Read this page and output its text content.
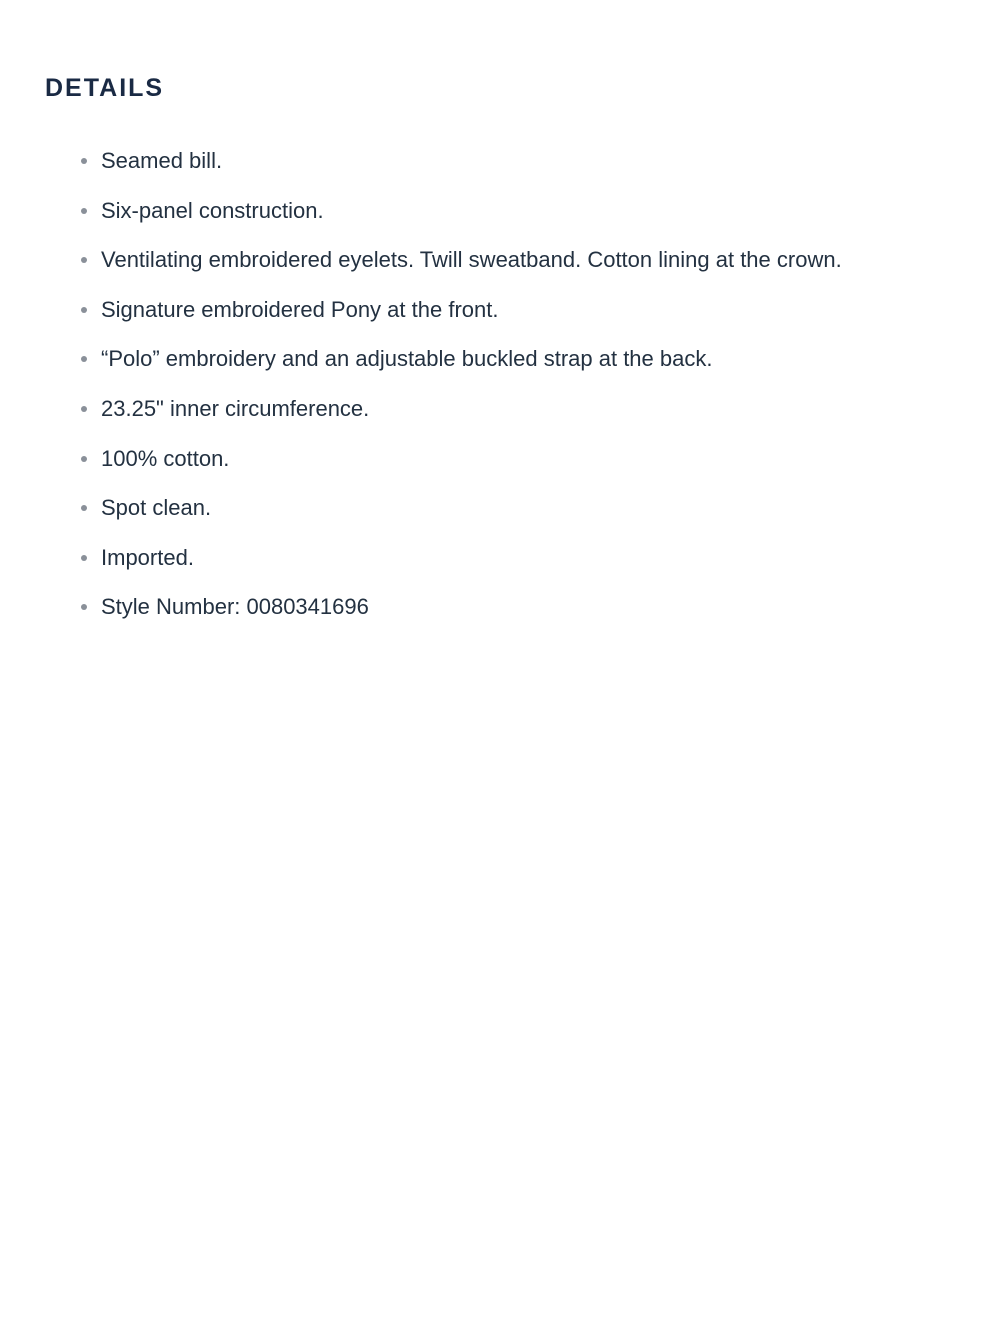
DETAILS
Seamed bill.
Six-panel construction.
Ventilating embroidered eyelets. Twill sweatband. Cotton lining at the crown.
Signature embroidered Pony at the front.
“Polo” embroidery and an adjustable buckled strap at the back.
23.25" inner circumference.
100% cotton.
Spot clean.
Imported.
Style Number: 0080341696
